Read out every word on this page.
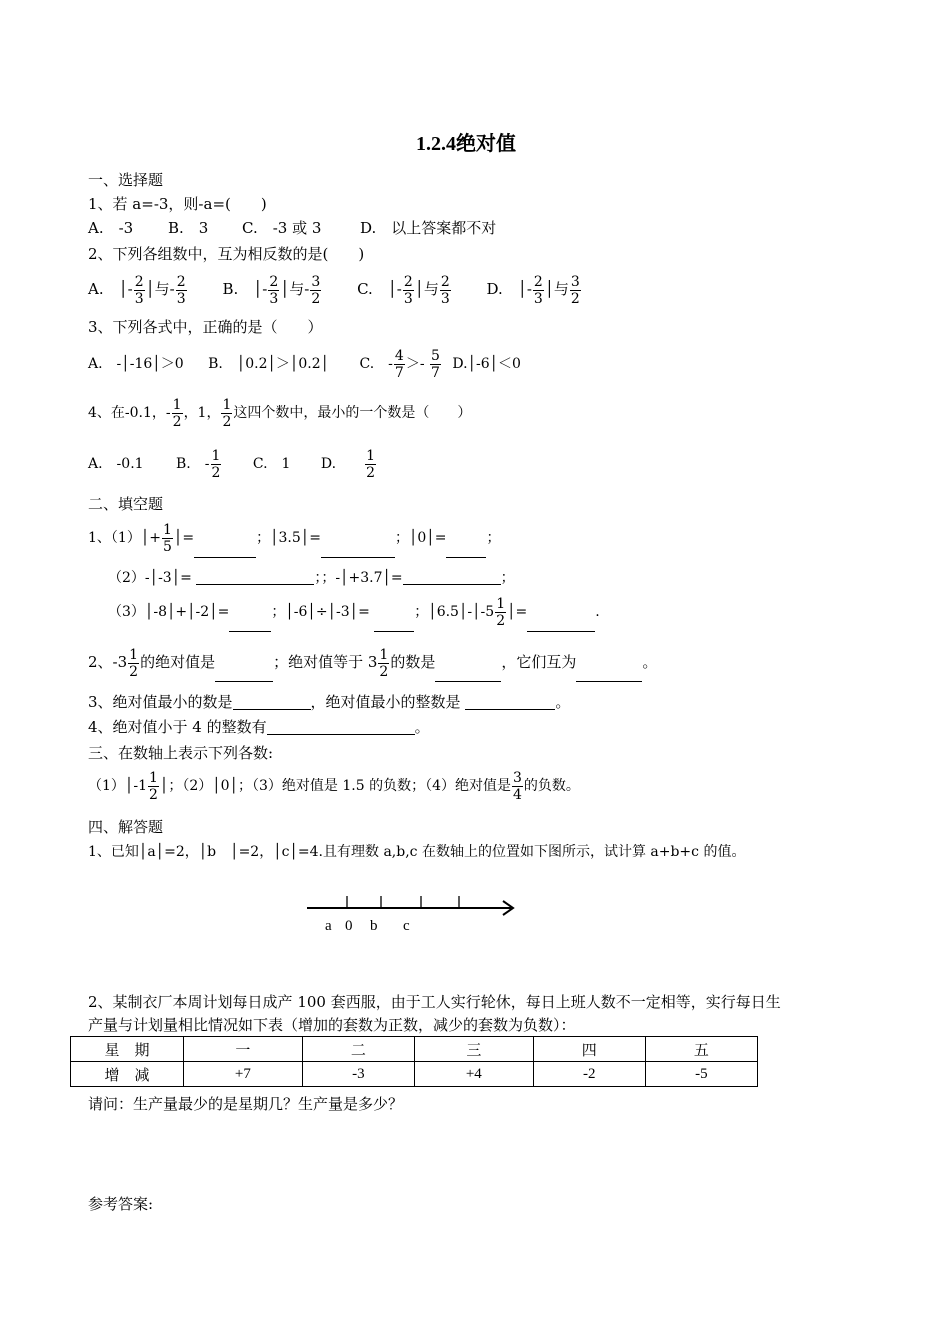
1.2.4绝对值
一、选择题
1、若 a=-3，则-a=(　　)
A.　-3 B.　3 C.　-3 或 3	D.　以上答案都不对
2、下列各组数中，互为相反数的是(　　)
A.　│- $\frac{2}{3}$ │与- $\frac{2}{3} B$.　│- $\frac{2}{3}$ │与- $\frac{3}{2} C$.　│- $\frac{2}{3}$ │与 $\frac{2}{3} D$.　│- $\frac{2}{3}$ │与 $\frac{3}{2}$
3、下列各式中，正确的是（　　）
A.　-│-16│＞0 B.　│0.2│＞│0.2│ C.　- $\frac{4}{7} >- \frac{5}{7}$ D.│-6│＜0
4、在-0.1，- $\frac{1}{2}$ ，1， $\frac{1}{2}$ 这四个数中，最小的一个数是（　　）
A.　-0.1 B.　- $\frac{1}{2} C$.　1 D.　　 $\frac{1}{2}$
二、填空题
1、（1）│+ $\frac{1}{5}$ │=	；│3.5│=	；│0│=	；
（2）-│-3│=	；；-│+3.7│=	；
（3）│-8│+│-2│=	；│-6│÷│-3│=	；│6.5│-│-5 $\frac{1}{2}$ │=	.
2、$-3 \frac{1}{2}$ 的绝对值是	；绝对值等于 $3 \frac{1}{2}$ 的数是	，它们互为	。
3、绝对值最小的数是	，绝对值最小的整数是	。
4、绝对值小于 4 的整数有	。
三、在数轴上表示下列各数:
（1）│-1 $\frac{1}{2}$ │；（2）│0│；（3）绝对值是 1.5 的负数；（4）绝对值是 $\frac{3}{4}$ 的负数。
四、解答题
1、已知│a│=2，│b　│=2，│c│=4.且有理数 a,b,c 在数轴上的位置如下图所示，试计算 a+b+c 的值。
a 0 b c
2、某制衣厂本周计划每日成产 100 套西服，由于工人实行轮休，每日上班人数不一定相等，实行每日生
产量与计划量相比情况如下表（增加的套数为正数，减少的套数为负数）：
星　期	一	二	三	四	五
增　减	+7	-3	+4	-2	-5
请问：生产量最少的是星期几？生产量是多少？
参考答案:
